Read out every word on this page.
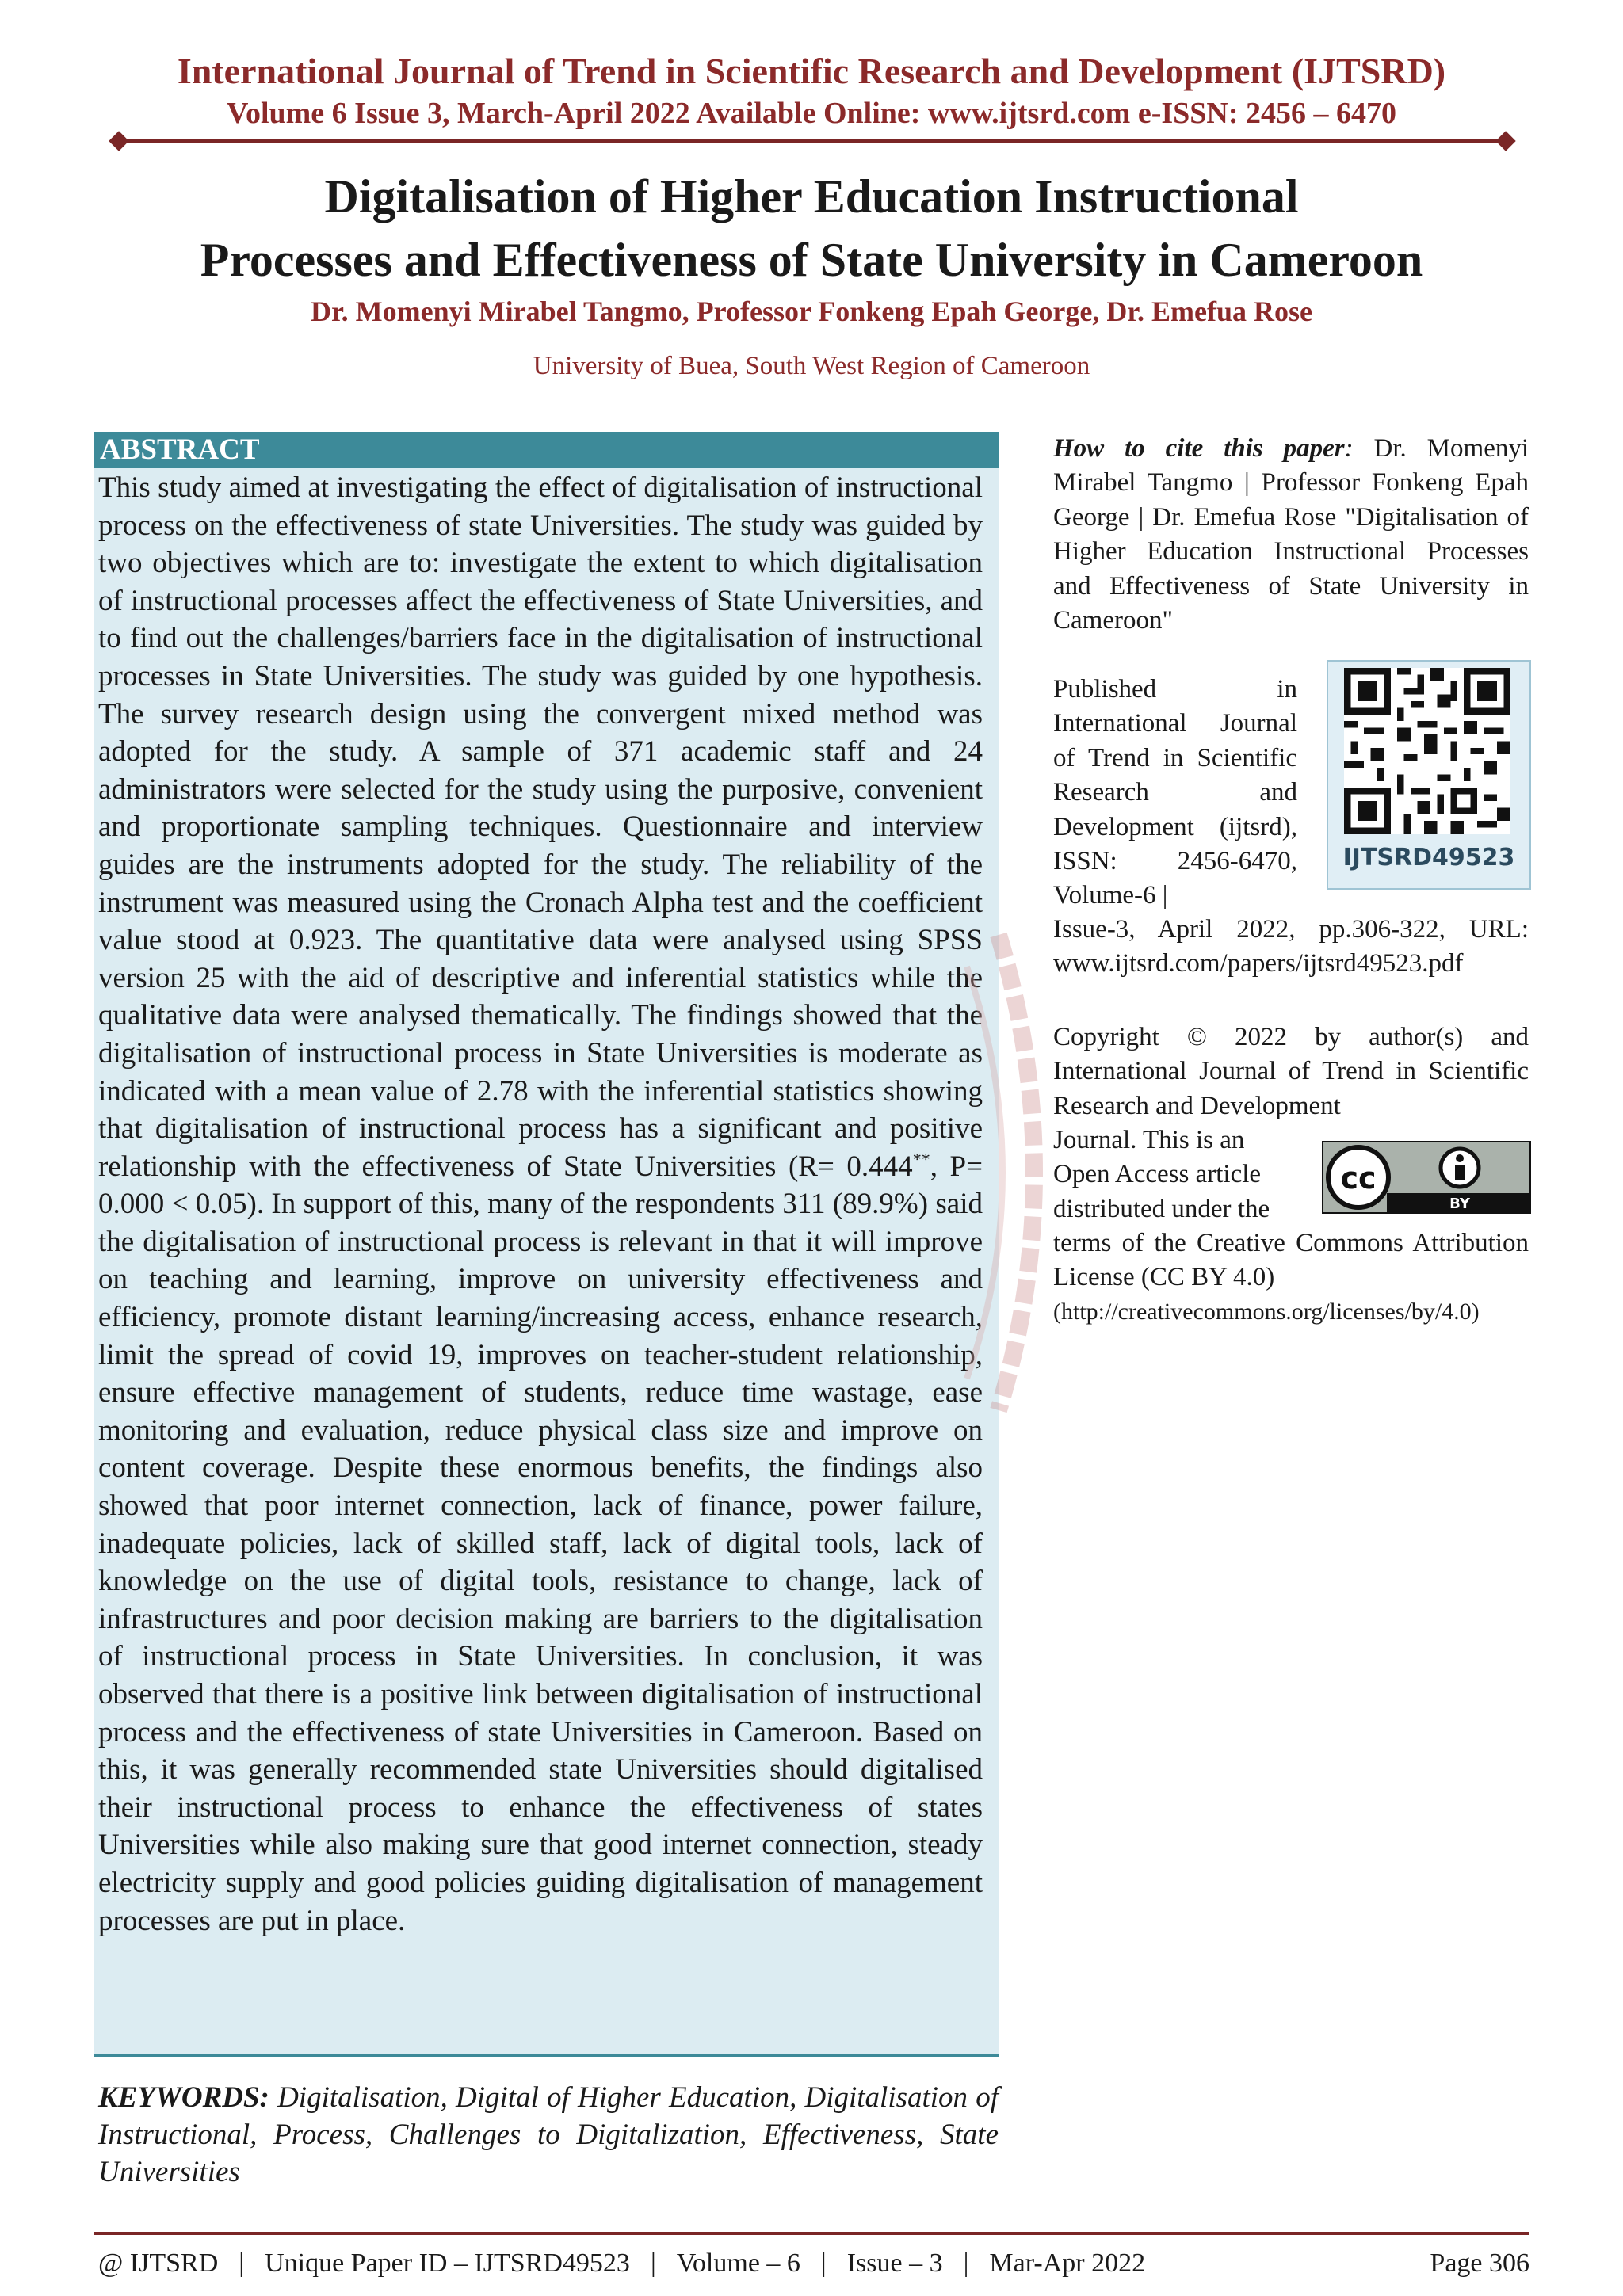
International Journal of Trend in Scientific Research and Development (IJTSRD)
Volume 6 Issue 3, March-April 2022 Available Online: www.ijtsrd.com e-ISSN: 2456 – 6470
Digitalisation of Higher Education Instructional
Processes and Effectiveness of State University in Cameroon
Dr. Momenyi Mirabel Tangmo, Professor Fonkeng Epah George, Dr. Emefua Rose
University of Buea, South West Region of Cameroon
ABSTRACT
This study aimed at investigating the effect of digitalisation of instructional process on the effectiveness of state Universities. The study was guided by two objectives which are to: investigate the extent to which digitalisation of instructional processes affect the effectiveness of State Universities, and to find out the challenges/barriers face in the digitalisation of instructional processes in State Universities. The study was guided by one hypothesis. The survey research design using the convergent mixed method was adopted for the study. A sample of 371 academic staff and 24 administrators were selected for the study using the purposive, convenient and proportionate sampling techniques. Questionnaire and interview guides are the instruments adopted for the study. The reliability of the instrument was measured using the Cronach Alpha test and the coefficient value stood at 0.923. The quantitative data were analysed using SPSS version 25 with the aid of descriptive and inferential statistics while the qualitative data were analysed thematically. The findings showed that the digitalisation of instructional process in State Universities is moderate as indicated with a mean value of 2.78 with the inferential statistics showing that digitalisation of instructional process has a significant and positive relationship with the effectiveness of State Universities (R= 0.444**, P= 0.000 < 0.05). In support of this, many of the respondents 311 (89.9%) said the digitalisation of instructional process is relevant in that it will improve on teaching and learning, improve on university effectiveness and efficiency, promote distant learning/increasing access, enhance research, limit the spread of covid 19, improves on teacher-student relationship, ensure effective management of students, reduce time wastage, ease monitoring and evaluation, reduce physical class size and improve on content coverage. Despite these enormous benefits, the findings also showed that poor internet connection, lack of finance, power failure, inadequate policies, lack of skilled staff, lack of digital tools, lack of knowledge on the use of digital tools, resistance to change, lack of infrastructures and poor decision making are barriers to the digitalisation of instructional process in State Universities. In conclusion, it was observed that there is a positive link between digitalisation of instructional process and the effectiveness of state Universities in Cameroon. Based on this, it was generally recommended state Universities should digitalised their instructional process to enhance the effectiveness of states Universities while also making sure that good internet connection, steady electricity supply and good policies guiding digitalisation of management processes are put in place.
KEYWORDS: Digitalisation, Digital of Higher Education, Digitalisation of Instructional, Process, Challenges to Digitalization, Effectiveness, State Universities
How to cite this paper: Dr. Momenyi Mirabel Tangmo | Professor Fonkeng Epah George | Dr. Emefua Rose "Digitalisation of Higher Education Instructional Processes and Effectiveness of State University in Cameroon"
Published in International Journal of Trend in Scientific Research and Development (ijtsrd), ISSN: 2456-6470, Volume-6 |
Issue-3, April 2022, pp.306-322, URL: www.ijtsrd.com/papers/ijtsrd49523.pdf
IJTSRD49523
Copyright © 2022 by author(s) and International Journal of Trend in Scientific Research and Development
Journal. This is an Open Access article distributed under the
cc
BY
terms of the Creative Commons Attribution License (CC BY 4.0)
(http://creativecommons.org/licenses/by/4.0)
@ IJTSRD | Unique Paper ID – IJTSRD49523 | Volume – 6 | Issue – 3 | Mar-Apr 2022	Page 306
